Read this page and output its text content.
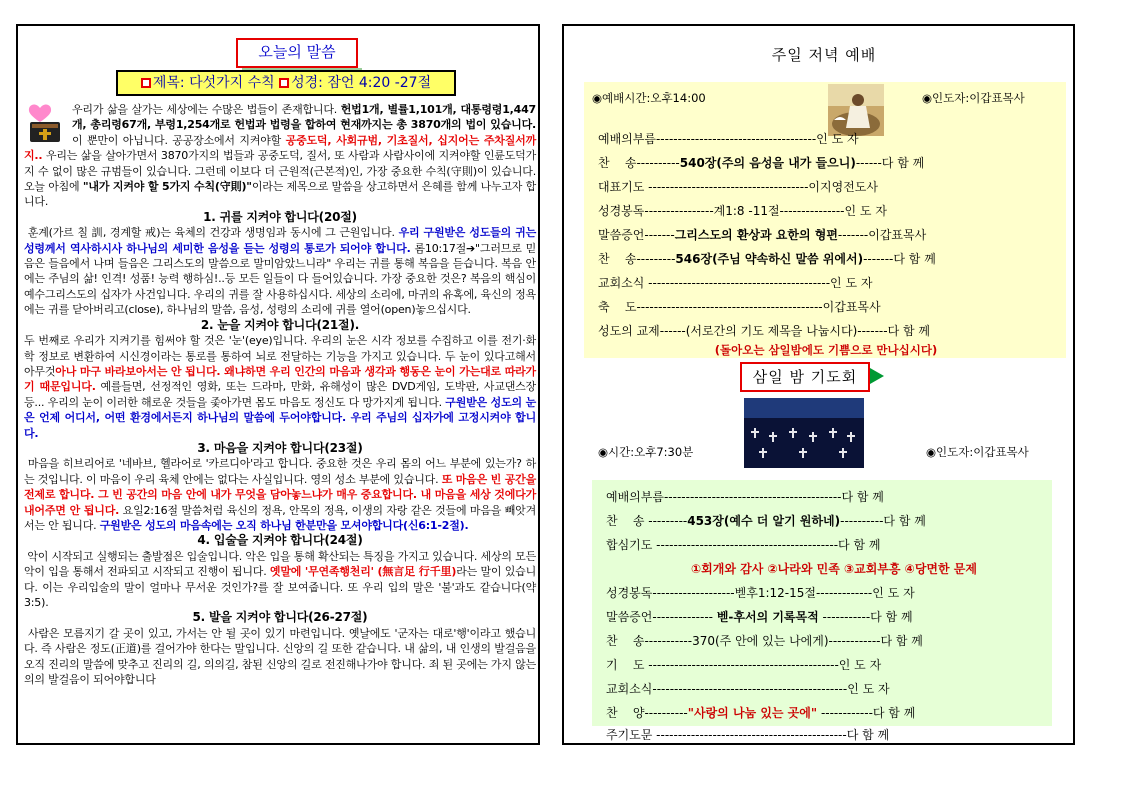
오늘의 말씀
제목: 다섯가지 수칙 성경: 잠언 4:20 -27절

우리가 삶을 살가는 세상에는 수많은 법들이 존재합니다. 헌법1개, 별률1,101개, 대통령령1,447개, 총리령67개, 부령1,254개로 헌법과 법령을 합하여 현재까지는 총 3870개의 법이 있습니다. 이 뿐만이 아닙니다. 공공장소에서 지켜야할 공중도덕, 사회규범, 기초질서, 십지어는 주차질서까지.. 우리는 삶을 살아가면서 3870가지의 법들과 공중도덕, 질서, 또 사람과 사람사이에 지켜야할 인륜도덕가지 수 없이 많은 규범들이 있습니다. 그런데 이보다 더 근원적(근본적)인, 가장 중요한 수칙(守則)이 있습니다. 오늘 아침에 "내가 지켜야 할 5가지 수칙(守則)"이라는 제목으로 말씀을 상고하면서 은혜를 함께 나누고자 합니다.

1. 귀를 지켜야 합니다(20절)

훈계(가르 칠 訓, 경계할 戒)는 육체의 건강과 생명임과 동시에 그 근원입니다. 우리 구원받은 성도들의 귀는 성령께서 역사하시사 하나님의 세미한 음성을 듣는 성령의 통로가 되어야 합니다. 롬10:17절➔"그러므로 믿음은 들음에서 나며 들음은 그리스도의 말씀으로 말미암았느니라" 우리는 귀를 통해 복음을 듣습니다. 복음 안에는 주님의 삶! 인격! 성품! 능력 행하심!..등 모든 일들이 다 들어있습니다. 가장 중요한 것은? 복음의 핵심이 예수그리스도의 십자가 사건입니다. 우리의 귀를 잘 사용하십시다. 세상의 소리에, 마귀의 유혹에, 육신의 정욕에는 귀를 닫아버리고(close), 하나님의 말씀, 음성, 성령의 소리에 귀를 열어(open)놓으십시다.

2. 눈을 지켜야 합니다(21절).

두 번째로 우리가 지켜기를 힘써야 할 것은 '눈'(eye)입니다. 우리의 눈은 시각 정보를 수집하고 이를 전기·화학 정보로 변환하여 시신경이라는 통로를 통하여 뇌로 전달하는 기능을 가지고 있습니다. 두 눈이 있다고해서 아무것아나 마구 바라보아서는 안 됩니다. 왜냐하면 우리 인간의 마음과 생각과 행동은 눈이 가는대로 따라가기 때문입니다. 예를들면, 선정적인 영화, 또는 드라마, 만화, 유해성이 많은 DVD게임, 도박판, 사교댄스장등... 우리의 눈이 이러한 해로운 것들을 좇아가면 몸도 마음도 정신도 다 망가지게 됩니다. 구원받은 성도의 눈은 언제 어디서, 어떤 환경에서든지 하나님의 말씀에 두어야합니다. 우리 주님의 십자가에 고정시켜야 합니다.

3. 마음을 지켜야 합니다(23절)

마음을 히브리어로 '네바브, 헬라어로 '카르디아'라고 합니다. 중요한 것은 우리 몸의 어느 부분에 있는가? 하는 것입니다. 이 마음이 우리 육체 안에는 없다는 사실입니다. 영의 성소 부분에 있습니다. 또 마음은 빈 공간을 전제로 합니다. 그 빈 공간의 마음 안에 내가 무엇을 담아놓느냐가 매우 중요합니다. 내 마음을 세상 것에다가 내어주면 안 됩니다. 요일2:16절 말씀처럼 육신의 정욕, 안목의 정욕, 이생의 자랑 같은 것들에 마음을 빼앗겨서는 안 됩니다. 구원받은 성도의 마음속에는 오직 하나님 한분만을 모셔야합니다(신6:1-2절).

4. 입술을 지켜야 합니다(24절)

악이 시작되고 실행되는 출발점은 입술입니다. 악은 입을 통해 확산되는 특징을 가지고 있습니다. 세상의 모든 악이 입을 통해서 전파되고 시작되고 진행이 됩니다. 옛말에 '무연족행천리' (無言足 行千里)라는 말이 있습니다. 이는 우리입술의 말이 얼마나 무서운 것인가?를 잘 보여줍니다. 또 우리 입의 말은 '불'과도 같습니다(약3:5).

5. 발을 지켜야 합니다(26-27절)

사람은 모름지기 갈 곳이 있고, 가서는 안 될 곳이 있기 마련입니다. 옛날에도 '군자는 대로'행'이라고 했습니다. 즉 사람은 정도(正道)를 걸어가야 한다는 말입니다. 신앙의 길 또한 같습니다. 내 삶의, 내 인생의 발걸음을 오직 진리의 말씀에 맞추고 진리의 길, 의의길, 참된 신앙의 길로 전진해나가야 합니다. 죄 된 곳에는 가지 않는 의의 발걸음이 되어야합니다

주일 저녁 예배
◉예배시간:오후14:00	◉인도자:이갑표목사
예배의부름-------------------------------------인 도 자
찬    송----------540장(주의 음성을 내가 들으니)------다 함 께
대표기도 -------------------------------------이지영전도사
성경봉독----------------계1:8 -11절---------------인 도 자
말씀증언-------그리스도의 환상과 요한의 형편-------이갑표목사
찬    송---------546장(주님 약속하신 말씀 위에서)-------다 함 께
교회소식 ------------------------------------------인 도 자
축    도-------------------------------------------이갑표목사
성도의 교제------(서로간의 기도 제목을 나눕시다)-------다 함 께
(돌아오는 삼일밤에도 기쁨으로 만나십시다)
삼일 밤 기도회
◉시간:오후7:30분	◉인도자:이갑표목사
예배의부름-----------------------------------------다 함 께
찬    송 ---------453장(예수 더 알기 원하네)----------다 함 께
합심기도 ------------------------------------------다 함 께
①회개와 감사 ②나라와 민족 ③교회부흥 ④당면한 문제
성경봉독-------------------벧후1:12-15절-------------인 도 자
말씀증언-------------- 벧-후서의 기록목적 -----------다 함 께
찬    송-----------370(주 안에 있는 나에게)------------다 함 께
기    도 --------------------------------------------인 도 자
교회소식---------------------------------------------인 도 자
찬    양----------"사랑의 나눔 있는 곳에" ------------다 함 께
주기도문 --------------------------------------------다 함 께
